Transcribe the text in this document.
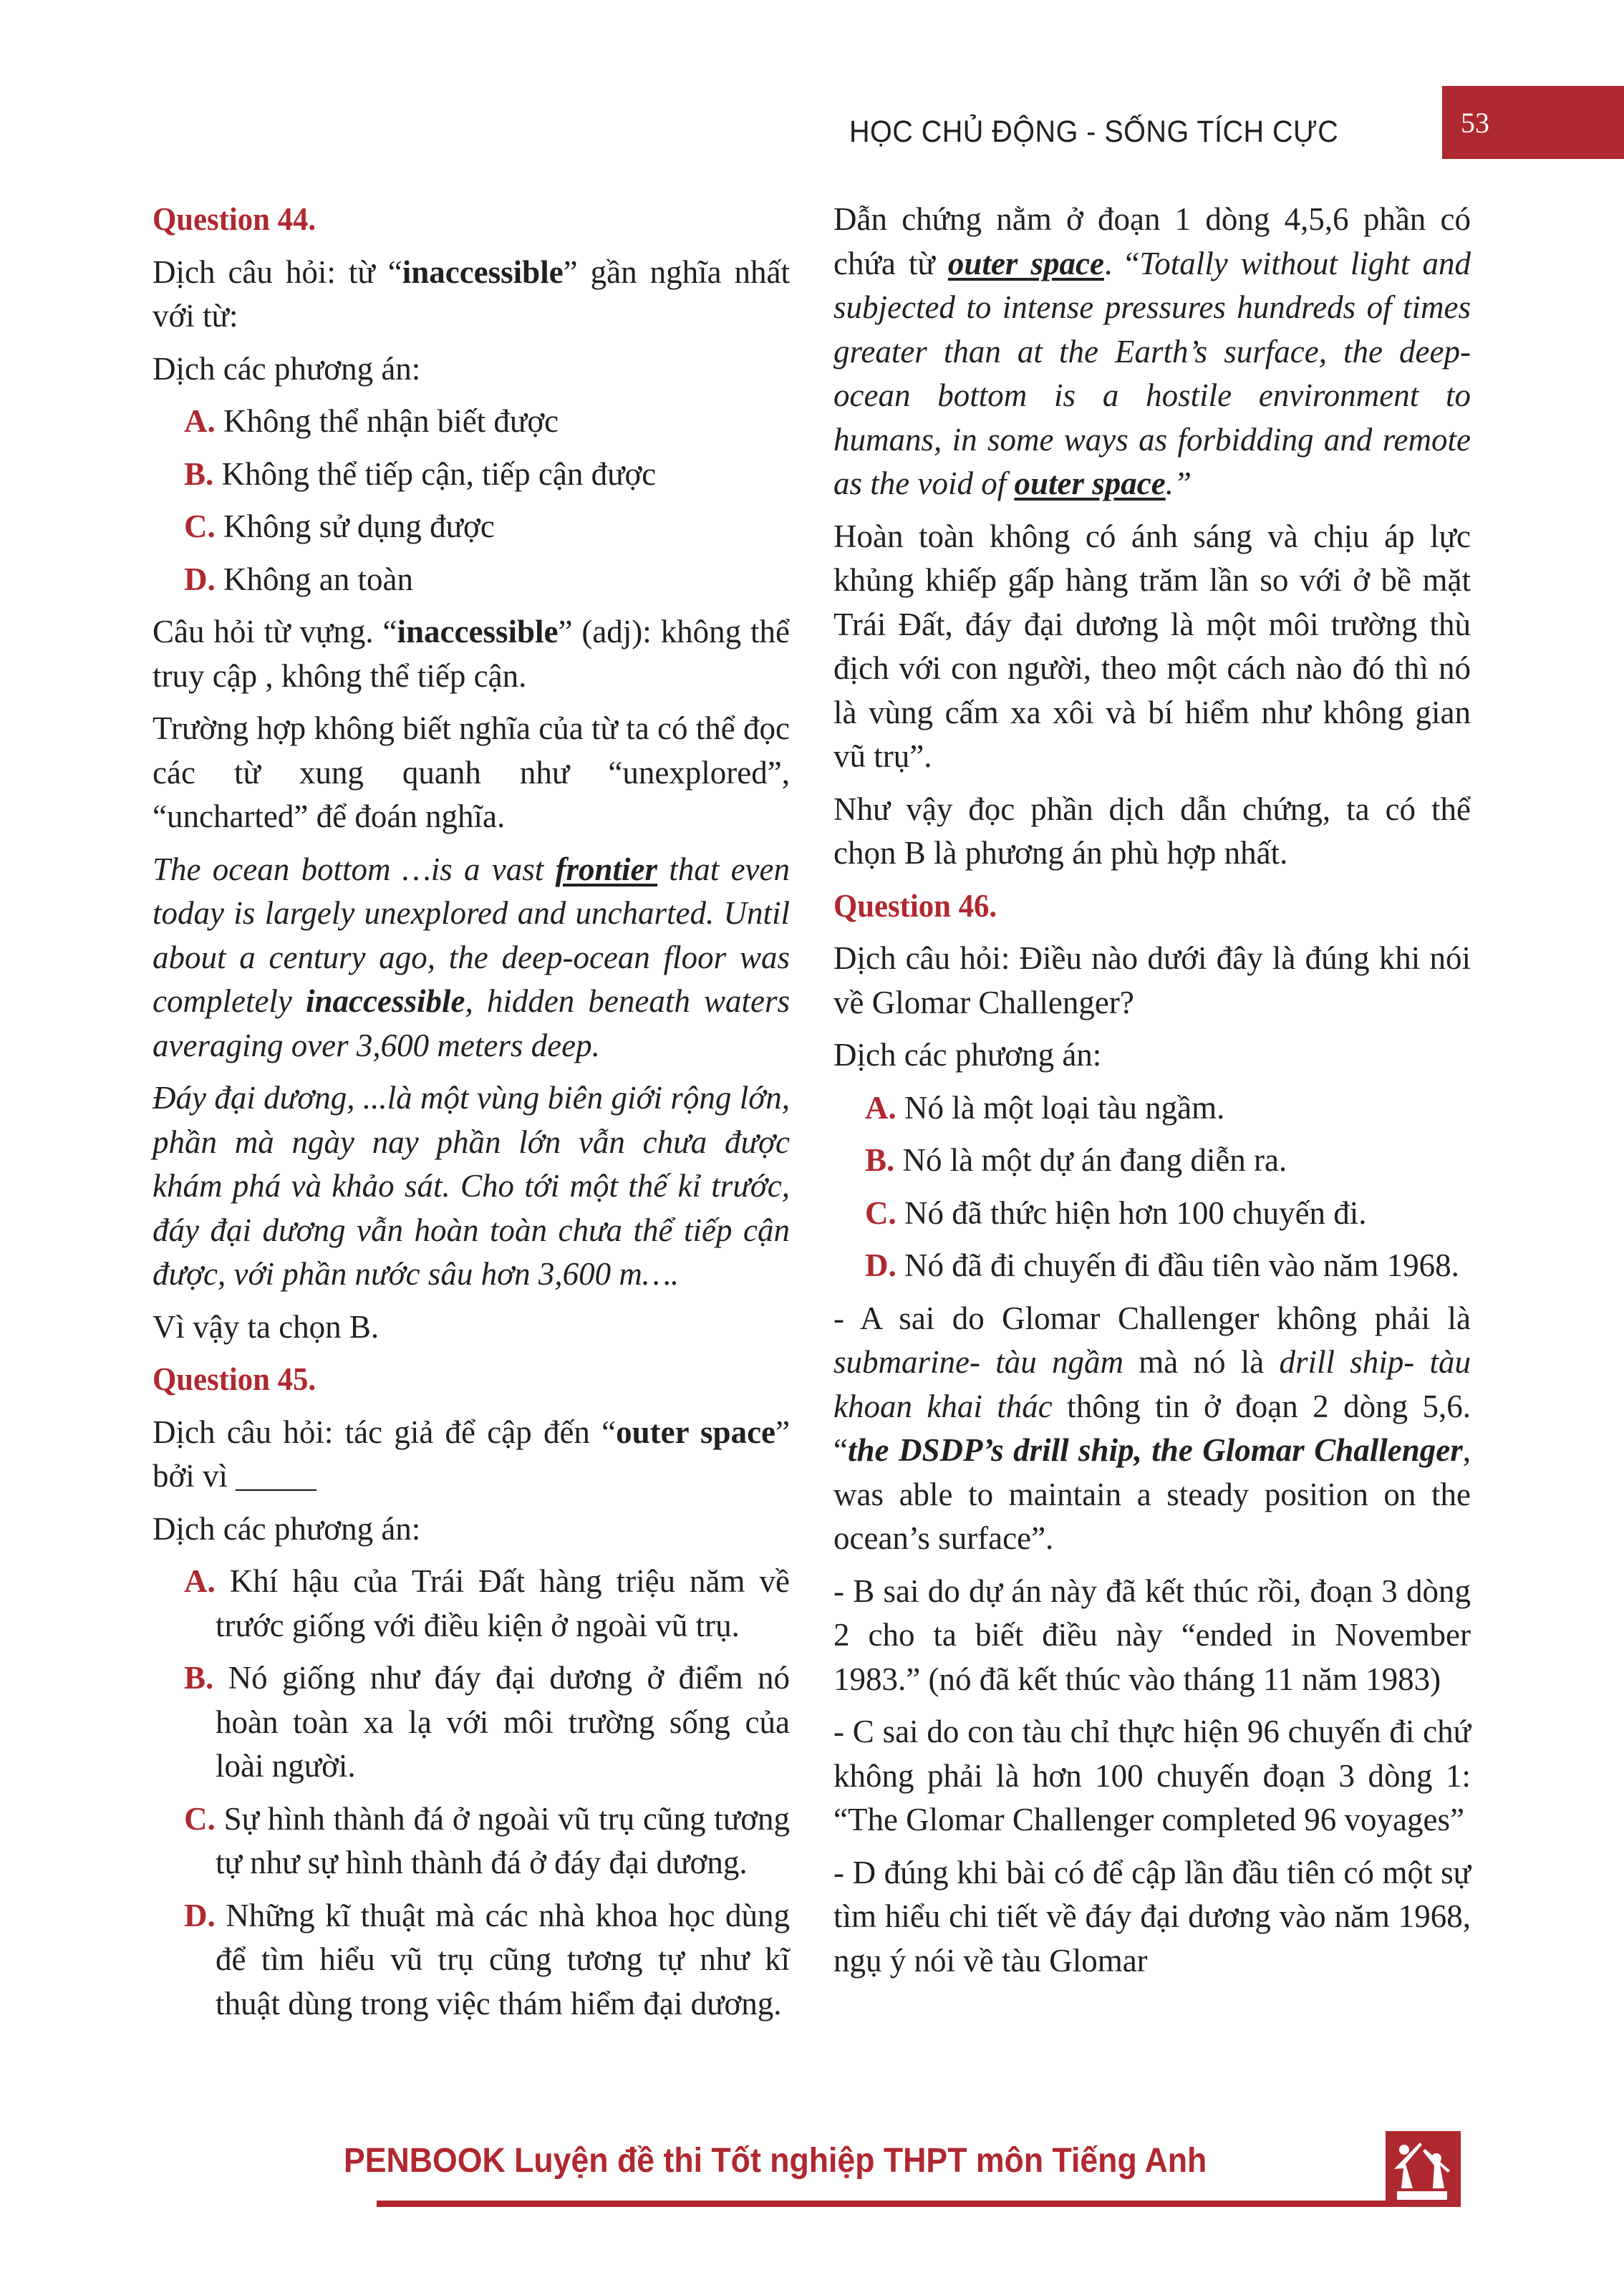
HỌC CHỦ ĐỘNG - SỐNG TÍCH CỰC	53
Question 44.
Dịch câu hỏi: từ “inaccessible” gần nghĩa nhất với từ:
Dịch các phương án:
A. Không thể nhận biết được
B. Không thể tiếp cận, tiếp cận được
C. Không sử dụng được
D. Không an toàn
Câu hỏi từ vựng. “inaccessible” (adj): không thể truy cập , không thể tiếp cận.
Trường hợp không biết nghĩa của từ ta có thể đọc các từ xung quanh như “unexplored”, “uncharted” để đoán nghĩa.
The ocean bottom …is a vast frontier that even today is largely unexplored and uncharted. Until about a century ago, the deep-ocean floor was completely inaccessible, hidden beneath waters averaging over 3,600 meters deep.
Đáy đại dương, ...là một vùng biên giới rộng lớn, phần mà ngày nay phần lớn vẫn chưa được khám phá và khảo sát. Cho tới một thế kỉ trước, đáy đại dương vẫn hoàn toàn chưa thể tiếp cận được, với phần nước sâu hơn 3,600 m….
Vì vậy ta chọn B.
Question 45.
Dịch câu hỏi: tác giả để cập đến “outer space” bởi vì _____
Dịch các phương án:
A. Khí hậu của Trái Đất hàng triệu năm về trước giống với điều kiện ở ngoài vũ trụ.
B. Nó giống như đáy đại dương ở điểm nó hoàn toàn xa lạ với môi trường sống của loài người.
C. Sự hình thành đá ở ngoài vũ trụ cũng tương tự như sự hình thành đá ở đáy đại dương.
D. Những kĩ thuật mà các nhà khoa học dùng để tìm hiểu vũ trụ cũng tương tự như kĩ thuật dùng trong việc thám hiểm đại dương.
Dẫn chứng nằm ở đoạn 1 dòng 4,5,6 phần có chứa từ outer space. “Totally without light and subjected to intense pressures hundreds of times greater than at the Earth’s surface, the deep-ocean bottom is a hostile environment to humans, in some ways as forbidding and remote as the void of outer space.”
Hoàn toàn không có ánh sáng và chịu áp lực khủng khiếp gấp hàng trăm lần so với ở bề mặt Trái Đất, đáy đại dương là một môi trường thù địch với con người, theo một cách nào đó thì nó là vùng cấm xa xôi và bí hiểm như không gian vũ trụ”.
Như vậy đọc phần dịch dẫn chứng, ta có thể chọn B là phương án phù hợp nhất.
Question 46.
Dịch câu hỏi: Điều nào dưới đây là đúng khi nói về Glomar Challenger?
Dịch các phương án:
A. Nó là một loại tàu ngầm.
B. Nó là một dự án đang diễn ra.
C. Nó đã thức hiện hơn 100 chuyến đi.
D. Nó đã đi chuyến đi đầu tiên vào năm 1968.
- A sai do Glomar Challenger không phải là submarine- tàu ngầm mà nó là drill ship- tàu khoan khai thác thông tin ở đoạn 2 dòng 5,6. “the DSDP’s drill ship, the Glomar Challenger, was able to maintain a steady position on the ocean’s surface”.
- B sai do dự án này đã kết thúc rồi, đoạn 3 dòng 2 cho ta biết điều này “ended in November 1983.” (nó đã kết thúc vào tháng 11 năm 1983)
- C sai do con tàu chỉ thực hiện 96 chuyến đi chứ không phải là hơn 100 chuyến đoạn 3 dòng 1: “The Glomar Challenger completed 96 voyages”
- D đúng khi bài có để cập lần đầu tiên có một sự tìm hiểu chi tiết về đáy đại dương vào năm 1968, ngụ ý nói về tàu Glomar
PENBOOK Luyện đề thi Tốt nghiệp THPT môn Tiếng Anh
